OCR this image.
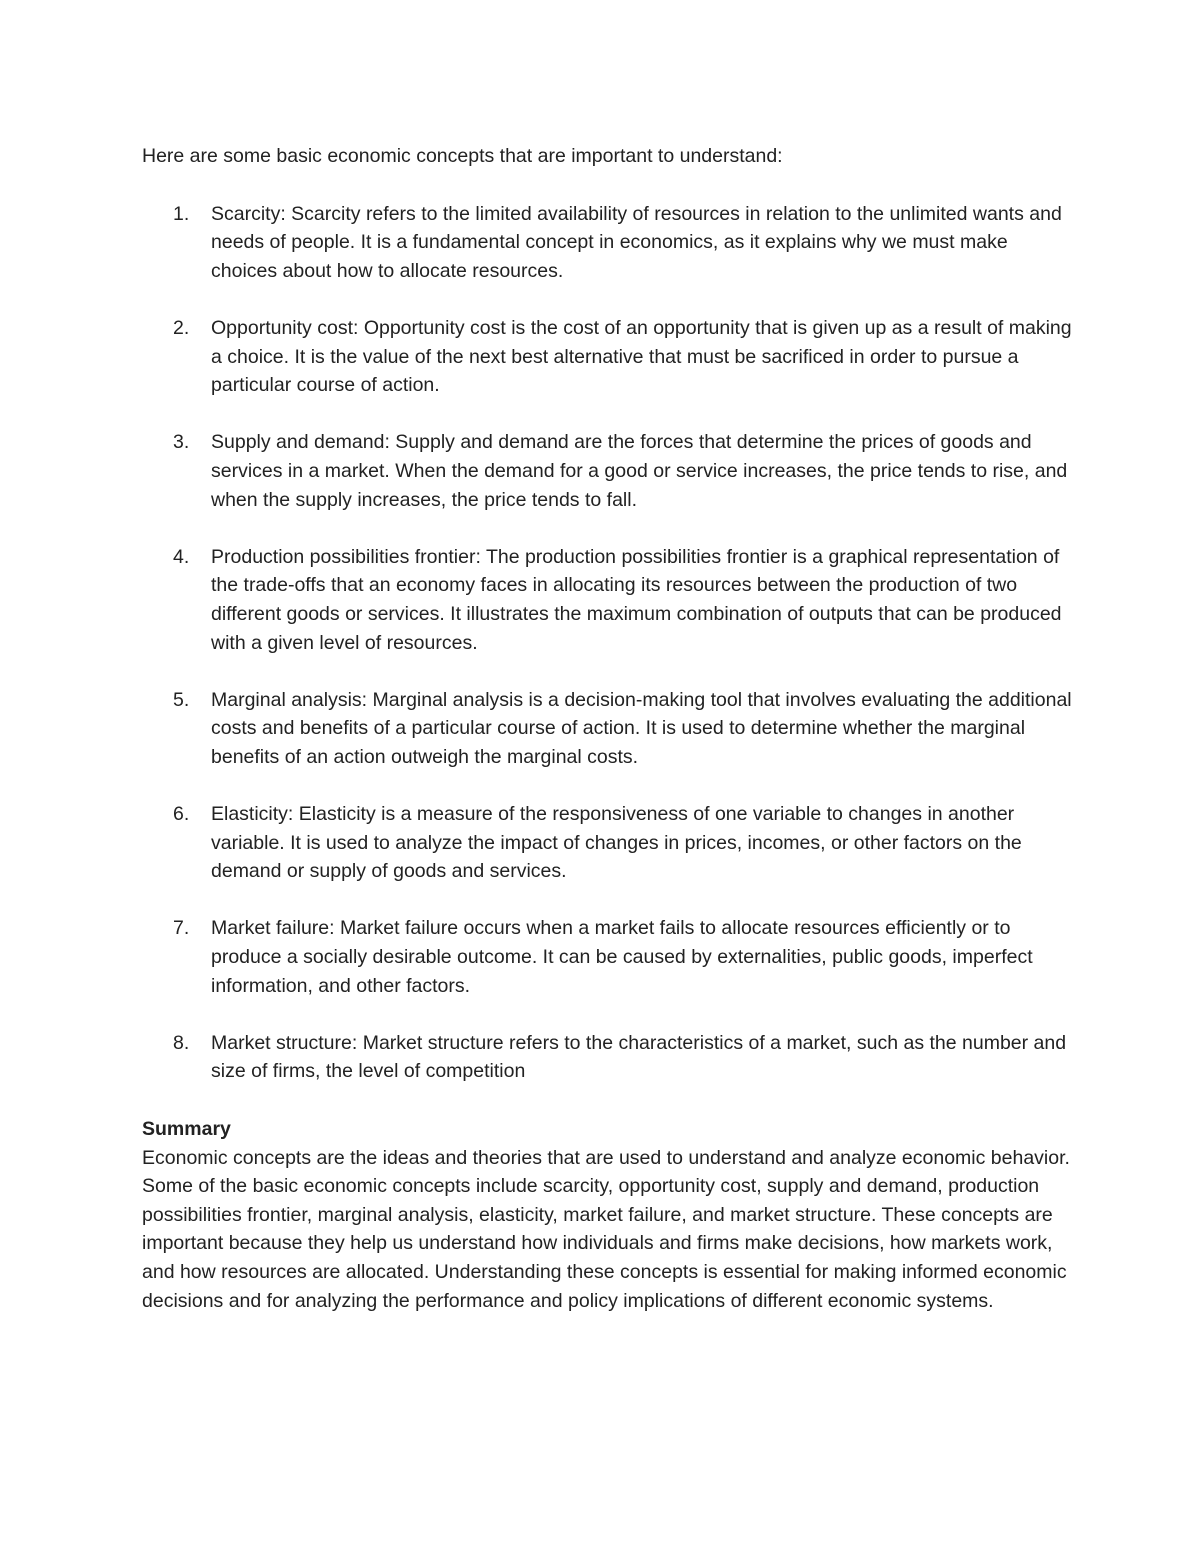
Here are some basic economic concepts that are important to understand:

1.	Scarcity: Scarcity refers to the limited availability of resources in relation to the unlimited wants and needs of people. It is a fundamental concept in economics, as it explains why we must make choices about how to allocate resources.
2.	Opportunity cost: Opportunity cost is the cost of an opportunity that is given up as a result of making a choice. It is the value of the next best alternative that must be sacrificed in order to pursue a particular course of action.
3.	Supply and demand: Supply and demand are the forces that determine the prices of goods and services in a market. When the demand for a good or service increases, the price tends to rise, and when the supply increases, the price tends to fall.
4.	Production possibilities frontier: The production possibilities frontier is a graphical representation of the trade-offs that an economy faces in allocating its resources between the production of two different goods or services. It illustrates the maximum combination of outputs that can be produced with a given level of resources.
5.	Marginal analysis: Marginal analysis is a decision-making tool that involves evaluating the additional costs and benefits of a particular course of action. It is used to determine whether the marginal benefits of an action outweigh the marginal costs.
6.	Elasticity: Elasticity is a measure of the responsiveness of one variable to changes in another variable. It is used to analyze the impact of changes in prices, incomes, or other factors on the demand or supply of goods and services.
7.	Market failure: Market failure occurs when a market fails to allocate resources efficiently or to produce a socially desirable outcome. It can be caused by externalities, public goods, imperfect information, and other factors.
8.	Market structure: Market structure refers to the characteristics of a market, such as the number and size of firms, the level of competition
Summary

Economic concepts are the ideas and theories that are used to understand and analyze economic behavior. Some of the basic economic concepts include scarcity, opportunity cost, supply and demand, production possibilities frontier, marginal analysis, elasticity, market failure, and market structure. These concepts are important because they help us understand how individuals and firms make decisions, how markets work, and how resources are allocated. Understanding these concepts is essential for making informed economic decisions and for analyzing the performance and policy implications of different economic systems.
